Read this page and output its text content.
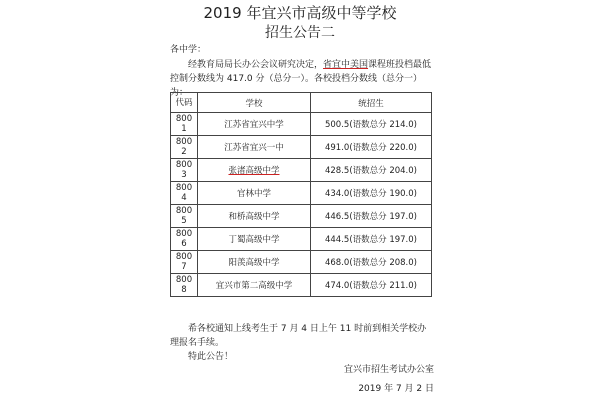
2019 年宜兴市高级中等学校
招生公告二
各中学：
经教育局局长办公会议研究决定，省宜中美国课程班投档最低控制分数线为 417.0 分（总分一）。各校投档分数线（总分一）为：
代码	学校	统招生

800
1	江苏省宜兴中学	500.5(语数总分 214.0)

800
2	江苏省宜兴一中	491.0(语数总分 220.0)

800
3	张渚高级中学	428.5(语数总分 204.0)

800
4	官林中学	434.0(语数总分 190.0)

800
5	和桥高级中学	446.5(语数总分 197.0)

800
6	丁蜀高级中学	444.5(语数总分 197.0)

800
7	阳羡高级中学	468.0(语数总分 208.0)

800
8	宜兴市第二高级中学	474.0(语数总分 211.0)
希各校通知上线考生于 7 月 4 日上午 11 时前到相关学校办理报名手续。
特此公告！
宜兴市招生考试办公室
2019 年 7 月 2 日
